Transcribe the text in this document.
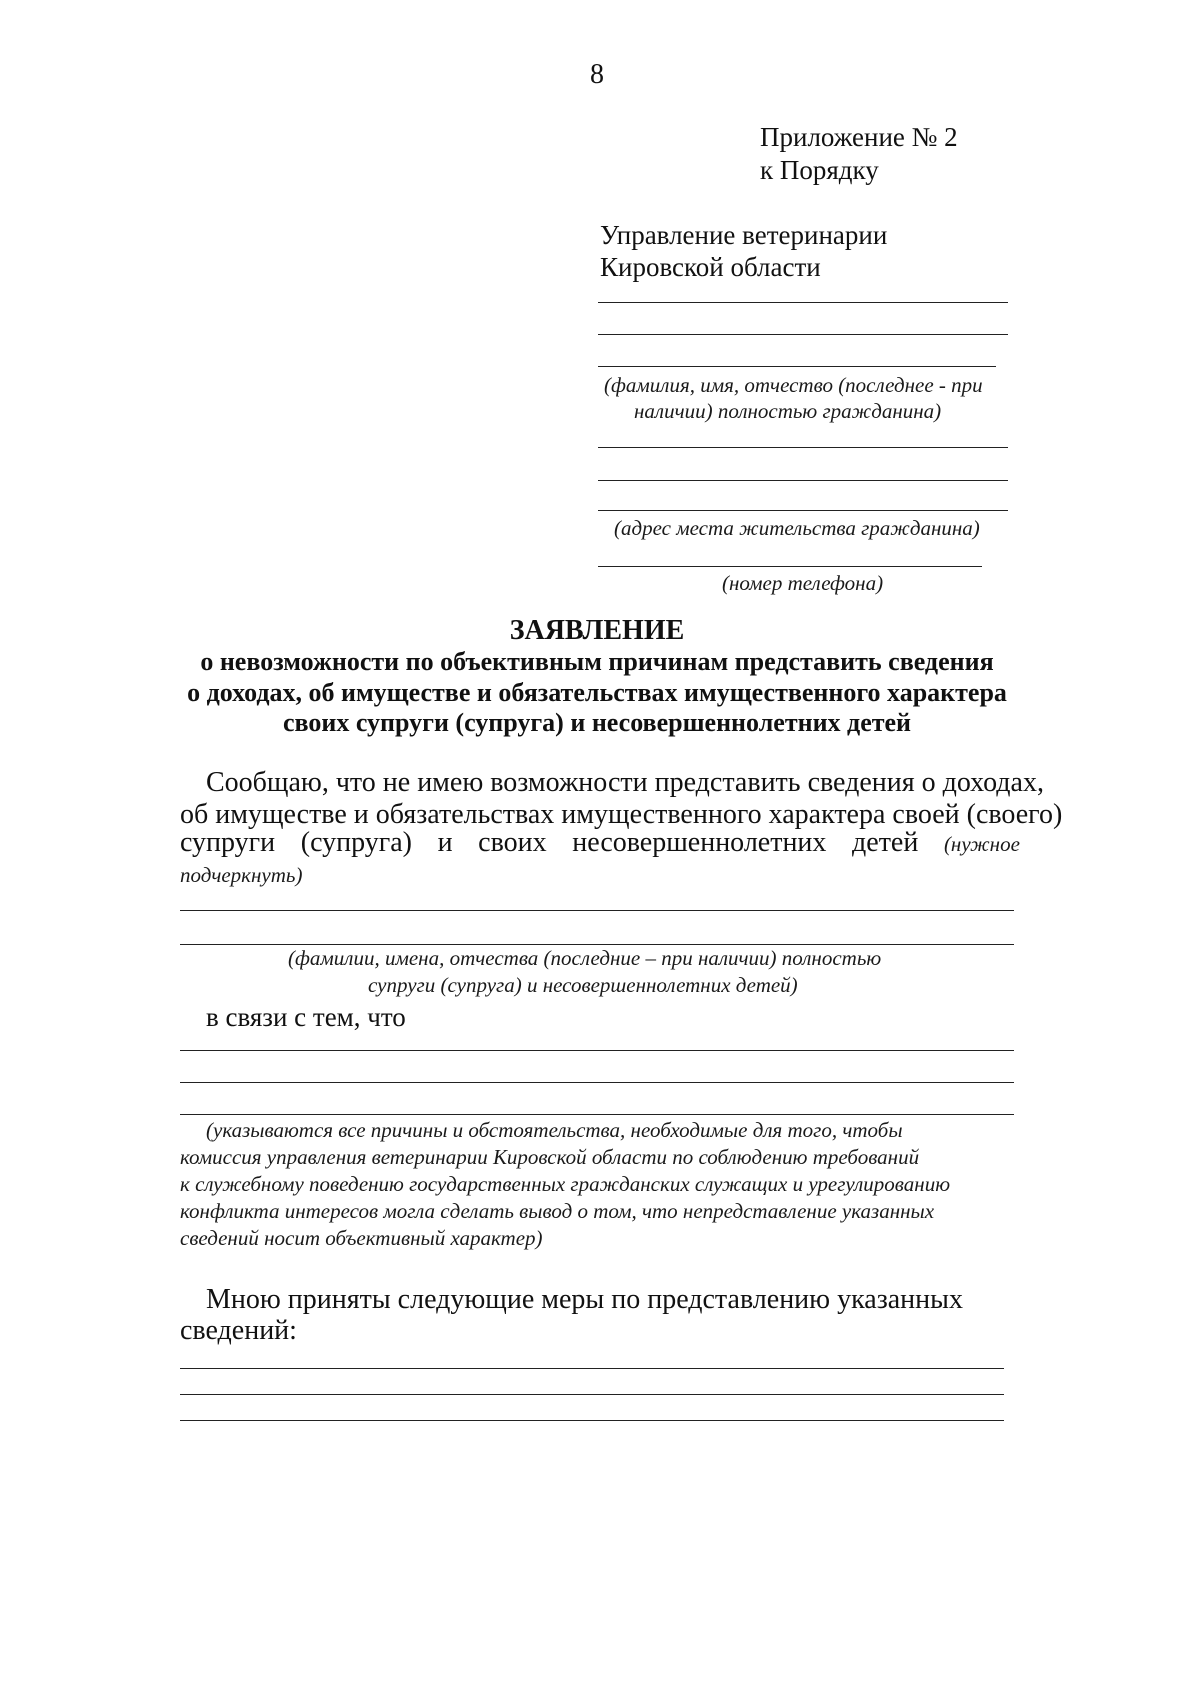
8

Приложение № 2

к Порядку

Управление ветеринарии

Кировской области

(фамилия, имя, отчество (последнее - при

наличии) полностью гражданина)

(адрес места жительства гражданина)

(номер телефона)

ЗАЯВЛЕНИЕ

о невозможности по объективным причинам представить сведения

о доходах, об имуществе и обязательствах имущественного характера

своих супруги (супруга) и несовершеннолетних детей

Сообщаю, что не имею возможности представить сведения о доходах,

об имуществе и обязательствах имущественного характера своей (своего)

супруги (супруга) и своих несовершеннолетних детей (нужное

подчеркнуть)

(фамилии, имена, отчества (последние – при наличии) полностью

супруги (супруга) и несовершеннолетних детей)

в связи с тем, что

(указываются все причины и обстоятельства, необходимые для того, чтобы

комиссия управления ветеринарии Кировской области по соблюдению требований

к служебному поведению государственных гражданских служащих и урегулированию

конфликта интересов могла сделать вывод о том, что непредставление указанных

сведений носит объективный характер)

Мною приняты следующие меры по представлению указанных

сведений:
